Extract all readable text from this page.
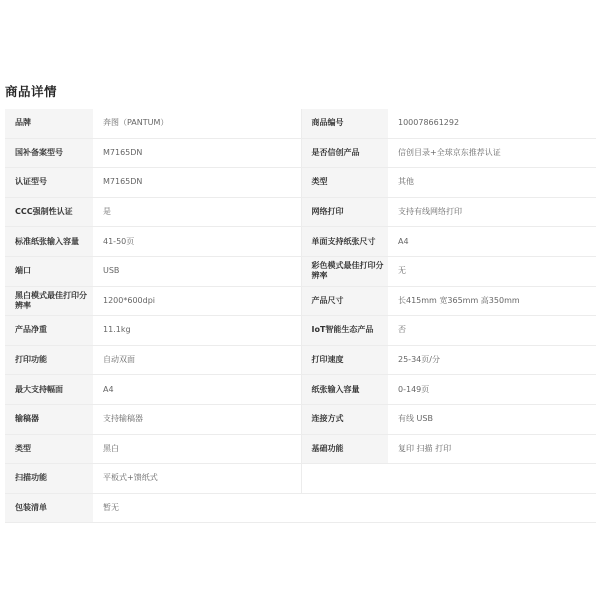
商品详情
品牌	奔图（PANTUM）	商品编号	100078661292
国补备案型号	M7165DN	是否信创产品	信创目录+全球京东推荐认证
认证型号	M7165DN	类型	其他
CCC强制性认证	是	网络打印	支持有线网络打印
标准纸张输入容量	41-50页	单面支持纸张尺寸	A4
端口	USB	彩色模式最佳打印分辨率	无
黑白模式最佳打印分辨率	1200*600dpi	产品尺寸	长415mm 宽365mm 高350mm
产品净重	11.1kg	IoT智能生态产品	否
打印功能	自动双面	打印速度	25-34页/分
最大支持幅面	A4	纸张输入容量	0-149页
输稿器	支持输稿器	连接方式	有线 USB
类型	黑白	基础功能	复印 扫描 打印
扫描功能	平板式+馈纸式		
包装清单	暂无		
